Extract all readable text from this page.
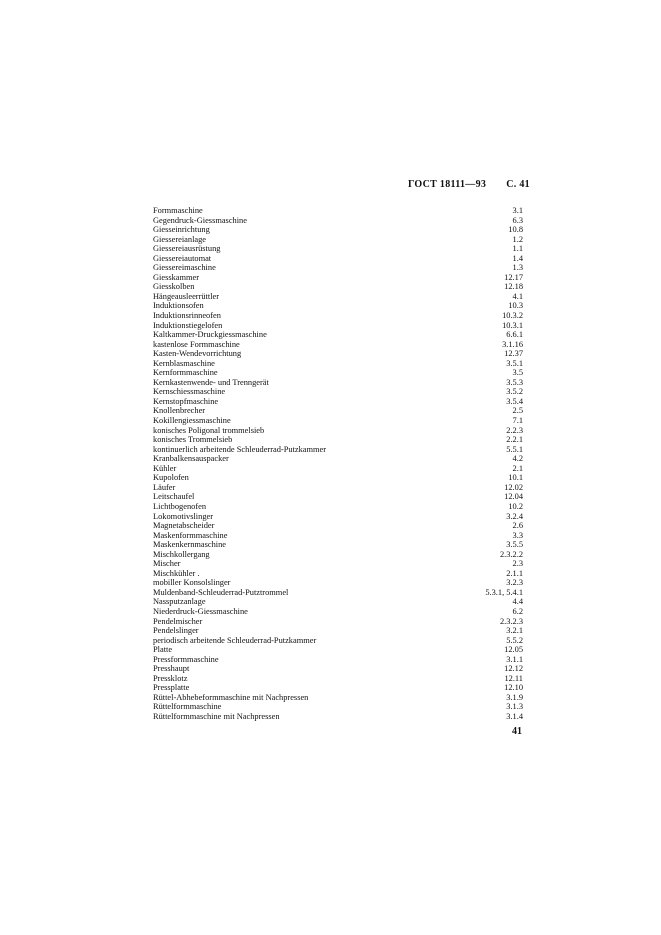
ГОСТ 18111—93 С. 41
Formmaschine	3.1
Gegendruck-Giessmaschine	6.3
Giesseinrichtung	10.8
Giessereianlage	1.2
Giessereiausrüstung	1.1
Giessereiautomat	1.4
Giessereimaschine	1.3
Giesskammer	12.17
Giesskolben	12.18
Hängeausleerrüttler	4.1
Induktionsofen	10.3
Induktionsrinneofen	10.3.2
Induktionstiegelofen	10.3.1
Kaltkammer-Druckgiessmaschine	6.6.1
kastenlose Formmaschine	3.1.16
Kasten-Wendevorrichtung	12.37
Kernblasmaschine	3.5.1
Kernformmaschine	3.5
Kernkastenwende- und Trenngerät	3.5.3
Kernschiessmaschine	3.5.2
Kernstopfmaschine	3.5.4
Knollenbrecher	2.5
Kokillengiessmaschine	7.1
konisches Poligonal trommelsieb	2.2.3
konisches Trommelsieb	2.2.1
kontinuerlich arbeitende Schleuderrad-Putzkammer	5.5.1
Kranbalkensauspacker	4.2
Kühler	2.1
Kupolofen	10.1
Läufer	12.02
Leitschaufel	12.04
Lichtbogenofen	10.2
Lokomotivslinger	3.2.4
Magnetabscheider	2.6
Maskenformmaschine	3.3
Maskenkernmaschine	3.5.5
Mischkollergang	2.3.2.2
Mischer	2.3
Mischkühler .	2.1.1
mobiller Konsolslinger	3.2.3
Muldenband-Schleuderrad-Putztrommel	5.3.1, 5.4.1
Nassputzanlage	4.4
Niederdruck-Giessmaschine	6.2
Pendelmischer	2.3.2.3
Pendelslinger	3.2.1
periodisch arbeitende Schleuderrad-Putzkammer	5.5.2
Platte	12.05
Pressformmaschine	3.1.1
Presshaupt	12.12
Pressklotz	12.11
Pressplatte	12.10
Rüttel-Abhebeformmaschine mit Nachpressen	3.1.9
Rüttelformmaschine	3.1.3
Rüttelformmaschine mit Nachpressen	3.1.4
41
